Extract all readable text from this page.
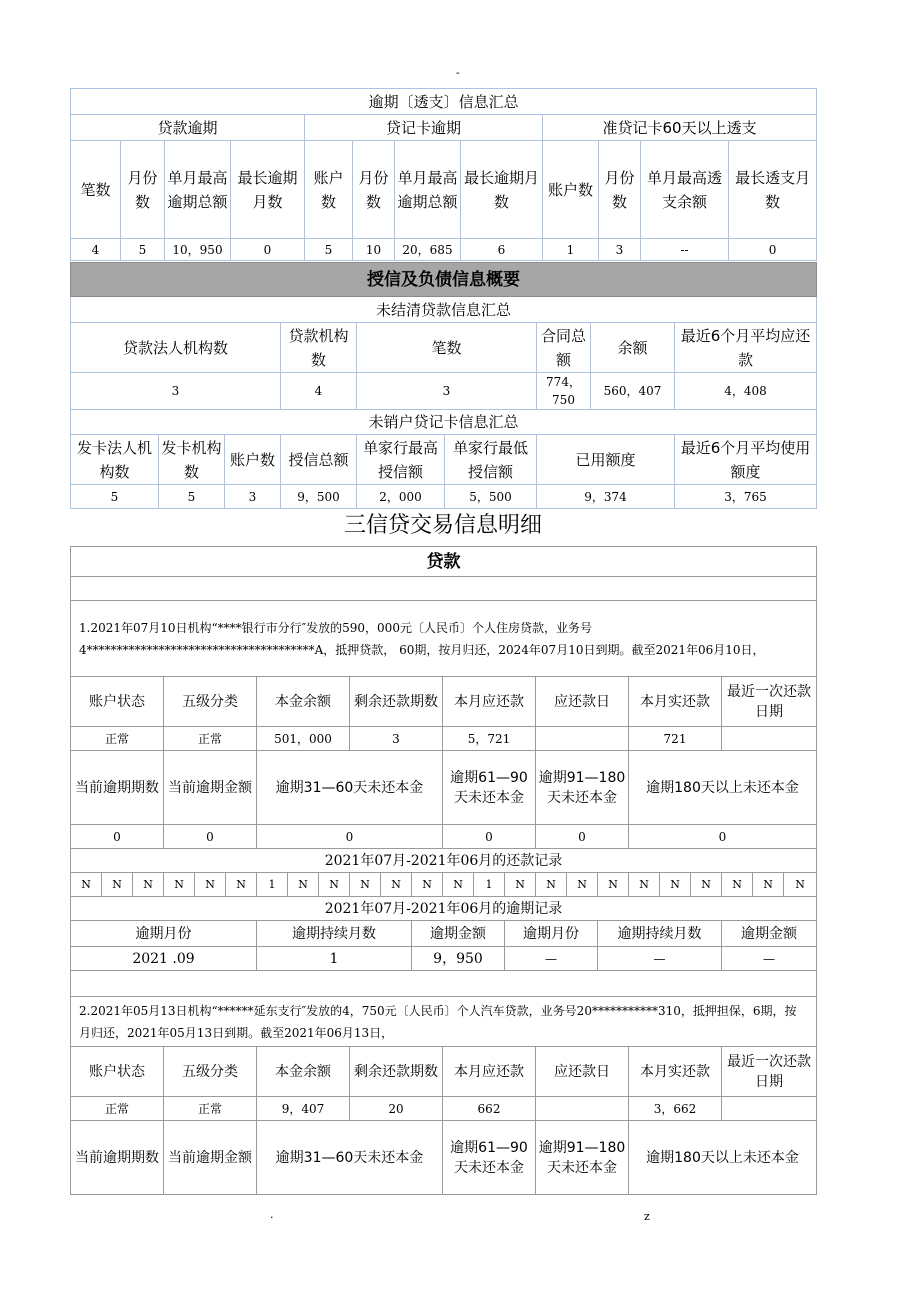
-
逾期〔透支〕信息汇总											
贷款逾期				贷记卡逾期				准贷记卡60天以上透支			
笔数	月份数	单月最高逾期总额	最长逾期月数	账户数	月份数	单月最高逾期总额	最长逾期月数	账户数	月份数	单月最高透支余额	最长透支月数
4	5	10，950	0	5	10	20，685	6	1	3	--	0
授信及负债信息概要								
未结清贷款信息汇总								
贷款法人机构数			贷款机构数	笔数		合同总额	余额	最近6个月平均应还款
3			4	3		774，750	560，407	4，408
未销户贷记卡信息汇总								
发卡法人机构数	发卡机构数	账户数	授信总额	单家行最高授信额	单家行最低授信额	已用额度		最近6个月平均使用额度
5	5	3	9，500	2，000	5，500	9，374		3，765
三信贷交易信息明细
贷款																							

1.2021年07月10日机构“****银行市分行″发放的590，000元〔人民币〕个人住房贷款，业务号4**************************************A，抵押贷款， 60期，按月归还，2024年07月10日到期。截至2021年06月10日，																							
账户状态			五级分类			本金余额			剩余还款期数			本月应还款			应还款日			本月实还款			最近一次还款日期		
正常			正常			501，000			3			5，721						721					
当前逾期期数			当前逾期金额			逾期31—60天未还本金						逾期61—90天未还本金			逾期91—180天未还本金			逾期180天以上未还本金					
0			0			0						0			0			0					
2021年07月-2021年06月的还款记录																							
N	N	N	N	N	N	1	N	N	N	N	N	N	1	N	N	N	N	N	N	N	N	N	N
2021年07月-2021年06月的逾期记录																							
逾期月份						逾期持续月数					逾期金额			逾期月份			逾期持续月数				逾期金额		
2021 .09						1					9，950			—			—				—		

2.2021年05月13日机构“******延东支行″发放的4，750元〔人民币〕个人汽车贷款，业务号20***********310，抵押担保，6期，按月归还，2021年05月13日到期。截至2021年06月13日，																							
账户状态			五级分类			本金余额			剩余还款期数			本月应还款			应还款日			本月实还款			最近一次还款日期		
正常			正常			9，407			20			662						3，662					
当前逾期期数			当前逾期金额			逾期31—60天未还本金						逾期61—90天未还本金			逾期91—180天未还本金			逾期180天以上未还本金					
.	z
